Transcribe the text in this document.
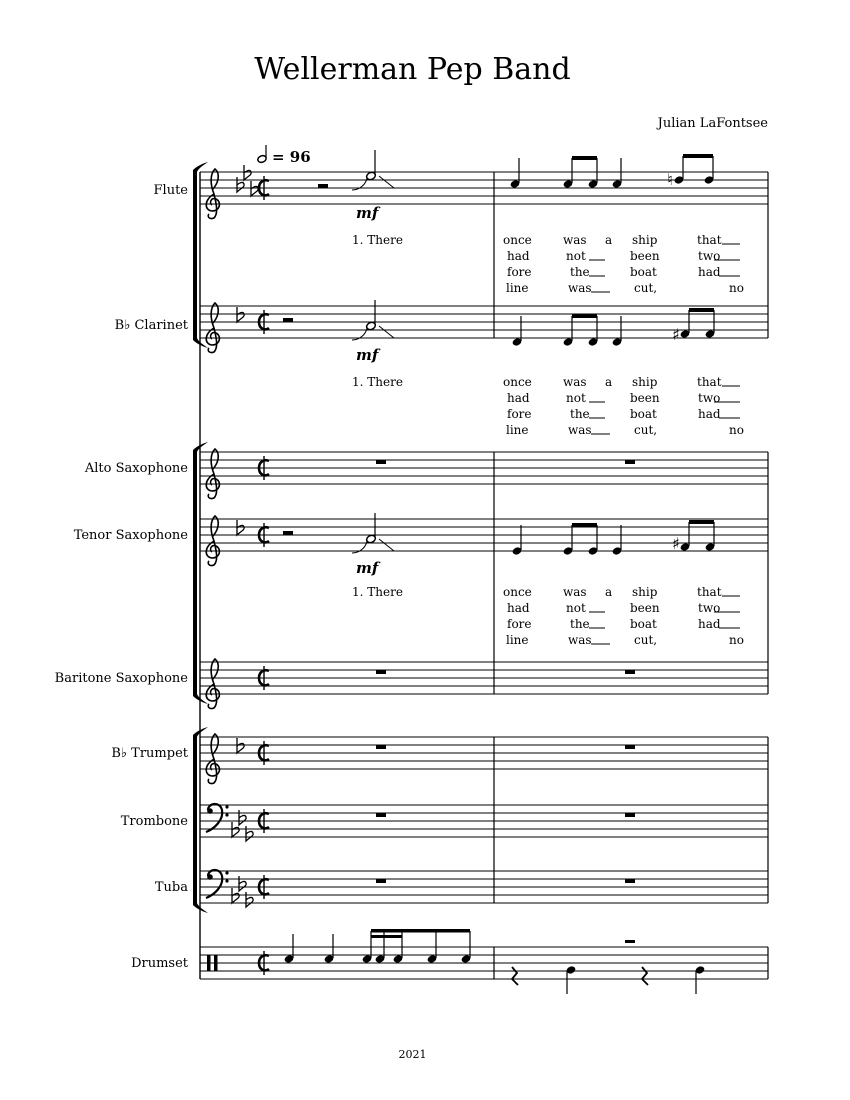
Wellerman Pep Band
Julian LaFontsee
Flute
B♭ Clarinet
Alto Saxophone
Tenor Saxophone
Baritone Saxophone
B♭ Trumpet
Trombone
Tuba
Drumset
1. There	once	was a ship	that
had	not	been	two
fore	the	boat	had
line	was	cut,	no
1. There	once	was a ship	that
had	not	been	two
fore	the	boat	had
line	was	cut,	no
1. There	once	was a ship	that
had	not	been	two
fore	the	boat	had
line	was	cut,	no
2021
= 96
♮
mf
♯
mf
♯
mf
